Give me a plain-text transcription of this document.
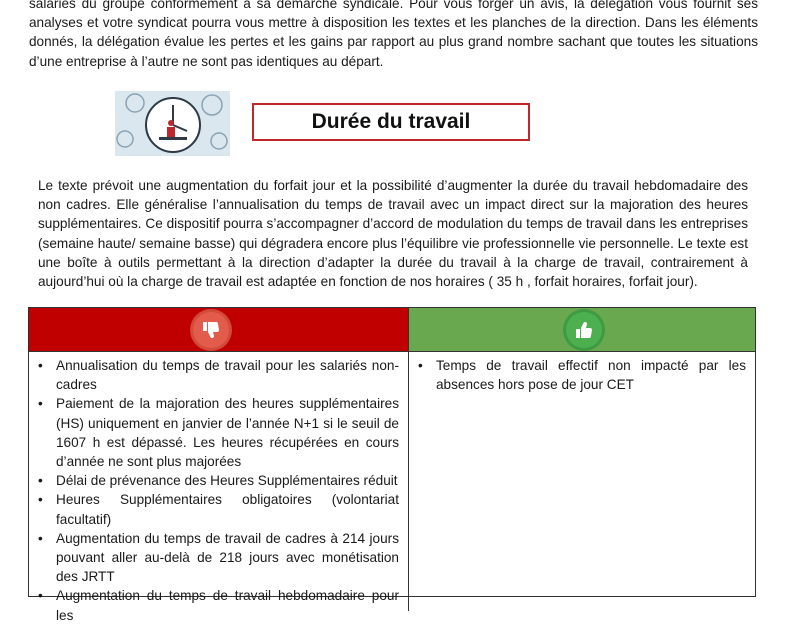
salariés du groupe conformément à sa démarche syndicale. Pour vous forger un avis, la délégation vous fournit ses analyses et votre syndicat pourra vous mettre à disposition les textes et les planches de la direction. Dans les éléments donnés, la délégation évalue les pertes et les gains par rapport au plus grand nombre sachant que toutes les situations d’une entreprise à l’autre ne sont pas identiques au départ.

Durée du travail

Le texte prévoit une augmentation du forfait jour et la possibilité d’augmenter la durée du travail hebdomadaire des non cadres. Elle généralise l’annualisation du temps de travail avec un impact direct sur la majoration des heures supplémentaires. Ce dispositif pourra s’accompagner d’accord de modulation du temps de travail dans les entreprises (semaine haute/ semaine basse) qui dégradera encore plus l’équilibre vie professionnelle vie personnelle. Le texte est une boîte à outils permettant à la direction d’adapter la durée du travail à la charge de travail, contrairement à aujourd’hui où la charge de travail est adaptée en fonction de nos horaires ( 35 h , forfait horaires, forfait jour).

• Annualisation du temps de travail pour les salariés non-cadres
• Paiement de la majoration des heures supplémentaires (HS) uniquement en janvier de l’année N+1 si le seuil de 1607 h est dépassé. Les heures récupérées en cours d’année ne sont plus majorées
• Délai de prévenance des Heures Supplémentaires réduit
• Heures Supplémentaires obligatoires (volontariat facultatif)
• Augmentation du temps de travail de cadres à 214 jours pouvant aller au-delà de 218 jours avec monétisation des JRTT
• Augmentation du temps de travail hebdomadaire pour les
• Temps de travail effectif non impacté par les absences hors pose de jour CET
